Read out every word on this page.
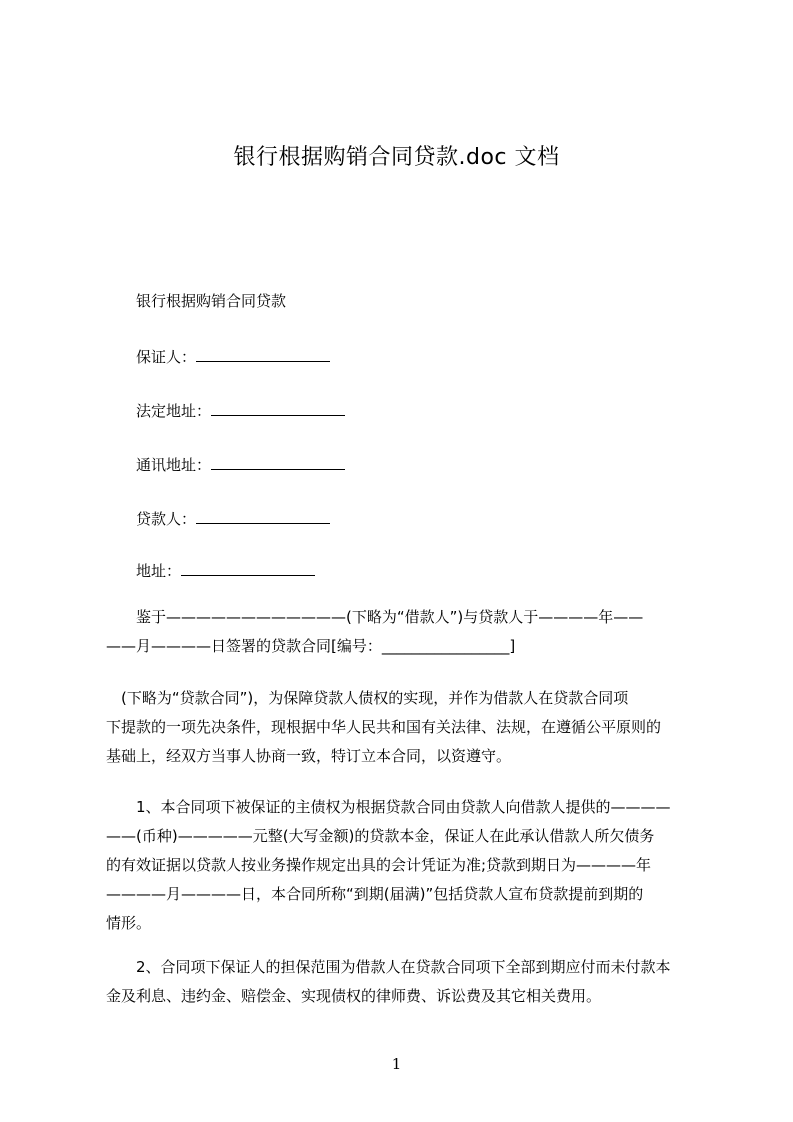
银行根据购销合同贷款.doc 文档
银行根据购销合同贷款
保证人：
法定地址：
通讯地址：
贷款人：
地址：
　　鉴于————————————(下略为“借款人”)与贷款人于————年——
——月————日签署的贷款合同[编号：_________________]
　(下略为“贷款合同”)，为保障贷款人债权的实现，并作为借款人在贷款合同项
下提款的一项先决条件，现根据中华人民共和国有关法律、法规，在遵循公平原则的
基础上，经双方当事人协商一致，特订立本合同，以资遵守。
　　1、本合同项下被保证的主债权为根据贷款合同由贷款人向借款人提供的————
——(币种)—————元整(大写金额)的贷款本金，保证人在此承认借款人所欠债务
的有效证据以贷款人按业务操作规定出具的会计凭证为准;贷款到期日为————年
————月————日，本合同所称“到期(届满)”包括贷款人宣布贷款提前到期的
情形。
　　2、合同项下保证人的担保范围为借款人在贷款合同项下全部到期应付而未付款本
金及利息、违约金、赔偿金、实现债权的律师费、诉讼费及其它相关费用。
1
